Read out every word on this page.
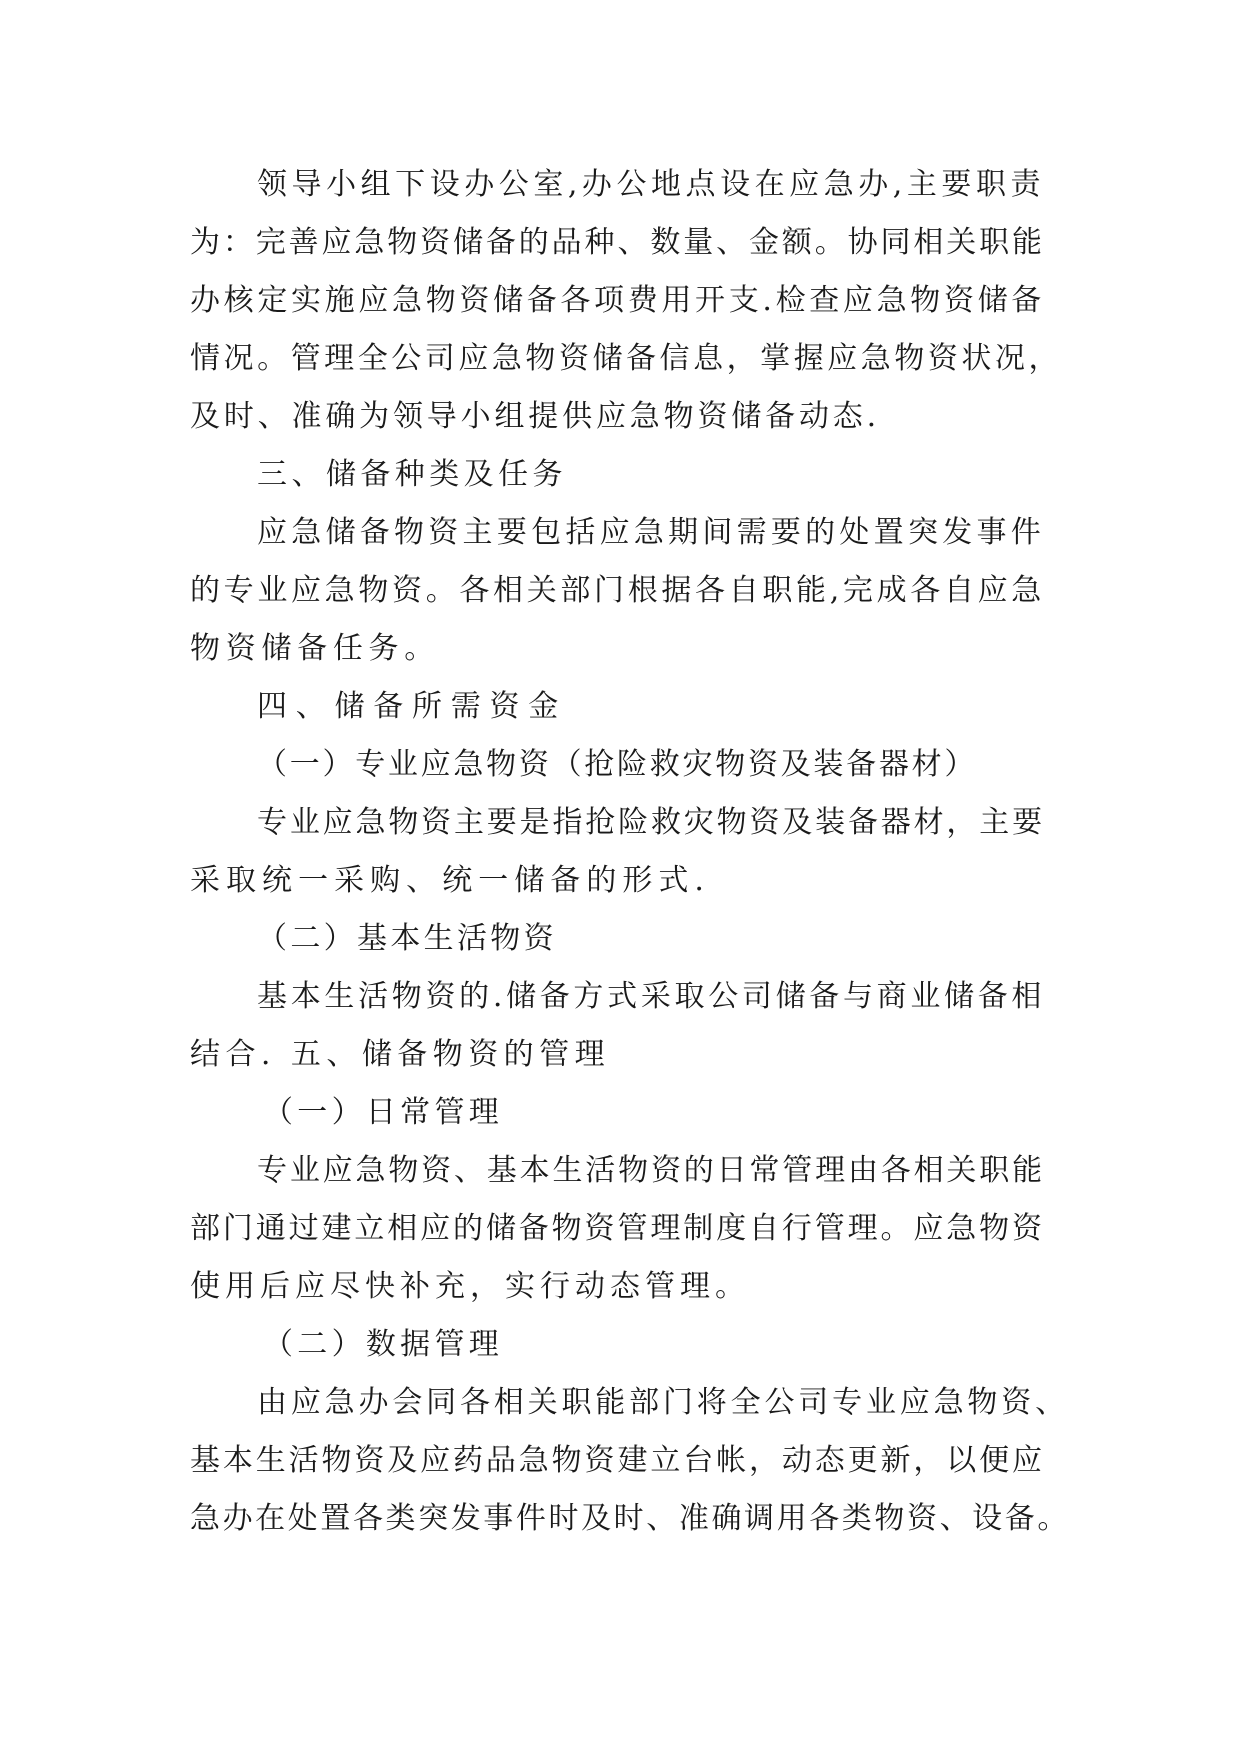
领导小组下设办公室,办公地点设在应急办,主要职责
为：完善应急物资储备的品种、数量、金额。协同相关职能
办核定实施应急物资储备各项费用开支.检查应急物资储备
情况。管理全公司应急物资储备信息，掌握应急物资状况，
及时、准确为领导小组提供应急物资储备动态.
三、储备种类及任务
应急储备物资主要包括应急期间需要的处置突发事件
的专业应急物资。各相关部门根据各自职能,完成各自应急
物资储备任务。
四、储备所需资金
（一）专业应急物资（抢险救灾物资及装备器材）
专业应急物资主要是指抢险救灾物资及装备器材，主要
采取统一采购、统一储备的形式.
（二）基本生活物资
基本生活物资的.储备方式采取公司储备与商业储备相
结合. 五、储备物资的管理
（一）日常管理
专业应急物资、基本生活物资的日常管理由各相关职能
部门通过建立相应的储备物资管理制度自行管理。应急物资
使用后应尽快补充，实行动态管理。
（二）数据管理
由应急办会同各相关职能部门将全公司专业应急物资、
基本生活物资及应药品急物资建立台帐，动态更新，以便应
急办在处置各类突发事件时及时、准确调用各类物资、设备。
